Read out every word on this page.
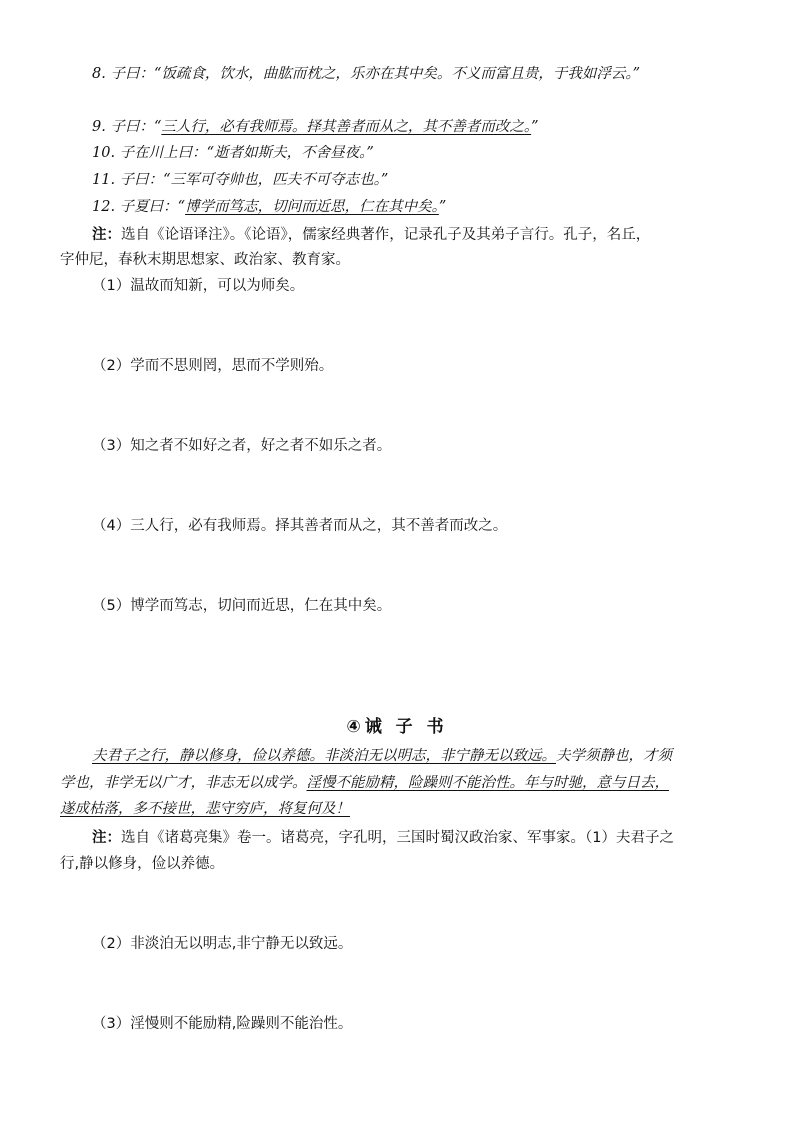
8. 子曰：“饭疏食，饮水，曲肱而枕之，乐亦在其中矣。不义而富且贵，于我如浮云。”
9. 子曰：“三人行，必有我师焉。择其善者而从之，其不善者而改之。”
10. 子在川上曰：“逝者如斯夫，不舍昼夜。”
11. 子曰：“三军可夺帅也，匹夫不可夺志也。”
12. 子夏曰：“博学而笃志，切问而近思，仁在其中矣。”
注：选自《论语译注》。《论语》，儒家经典著作，记录孔子及其弟子言行。孔子，名丘，
字仲尼，春秋末期思想家、政治家、教育家。
（1）温故而知新，可以为师矣。
（2）学而不思则罔，思而不学则殆。
（3）知之者不如好之者，好之者不如乐之者。
（4）三人行，必有我师焉。择其善者而从之，其不善者而改之。
（5）博学而笃志，切问而近思，仁在其中矣。
④诫 子 书
夫君子之行，静以修身，俭以养德。非淡泊无以明志，非宁静无以致远。夫学须静也，才须
学也，非学无以广才，非志无以成学。淫慢不能励精，险躁则不能治性。年与时驰，意与日去，
遂成枯落，多不接世，悲守穷庐，将复何及！
注：选自《诸葛亮集》卷一。诸葛亮，字孔明，三国时蜀汉政治家、军事家。（1）夫君子之
行,静以修身，俭以养德。
（2）非淡泊无以明志,非宁静无以致远。
（3）淫慢则不能励精,险躁则不能治性。
